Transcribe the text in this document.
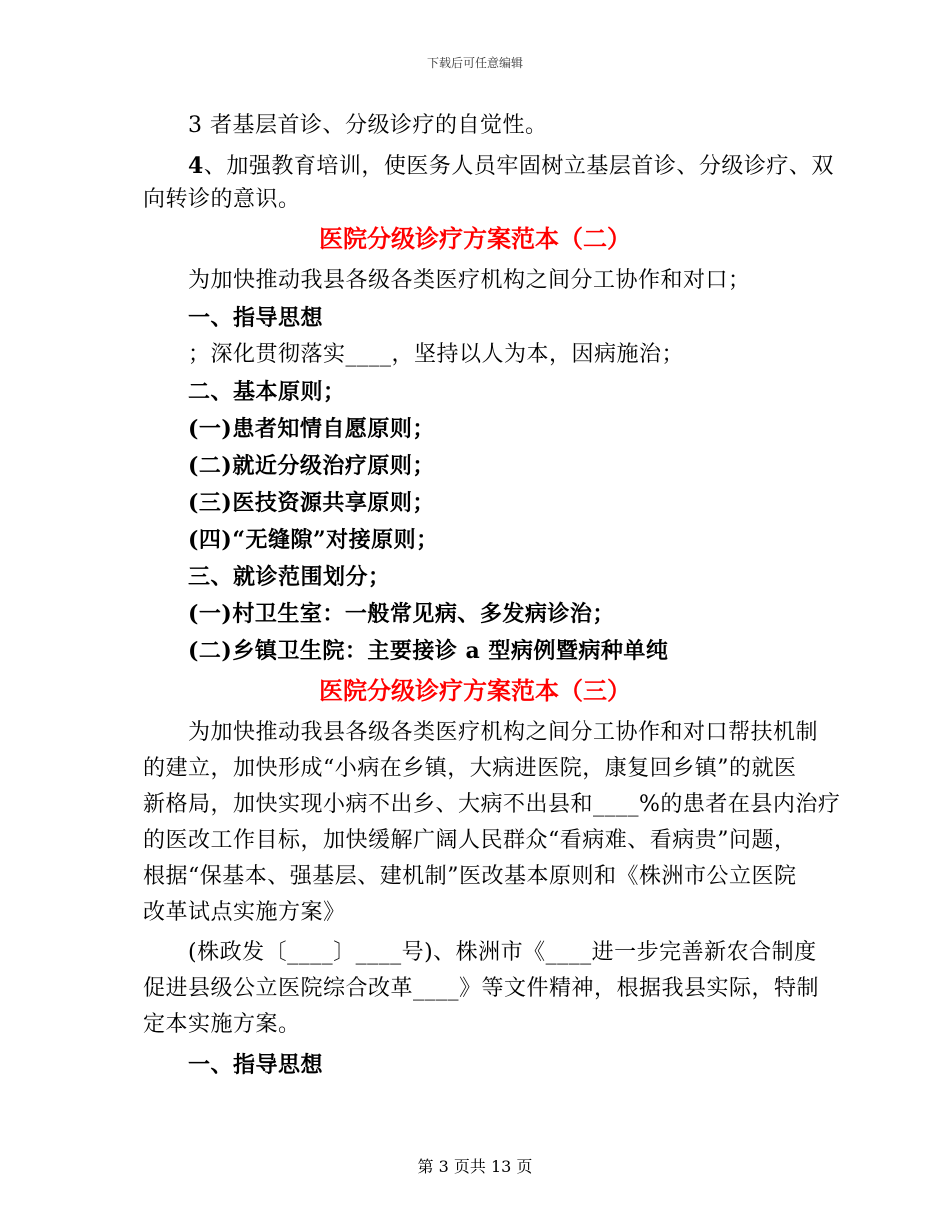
下载后可任意编辑
3 者基层首诊、分级诊疗的自觉性。
4、加强教育培训，使医务人员牢固树立基层首诊、分级诊疗、双
向转诊的意识。
医院分级诊疗方案范本（二）
为加快推动我县各级各类医疗机构之间分工协作和对口；
一、指导思想
；深化贯彻落实____，坚持以人为本，因病施治；
二、基本原则；
(一)患者知情自愿原则；
(二)就近分级治疗原则；
(三)医技资源共享原则；
(四)“无缝隙”对接原则；
三、就诊范围划分；
(一)村卫生室：一般常见病、多发病诊治；
(二)乡镇卫生院：主要接诊 a 型病例暨病种单纯
医院分级诊疗方案范本（三）
为加快推动我县各级各类医疗机构之间分工协作和对口帮扶机制
的建立，加快形成“小病在乡镇，大病进医院，康复回乡镇”的就医
新格局，加快实现小病不出乡、大病不出县和____%的患者在县内治疗
的医改工作目标，加快缓解广阔人民群众“看病难、看病贵”问题，
根据“保基本、强基层、建机制”医改基本原则和《株洲市公立医院
改革试点实施方案》
(株政发〔____〕____号)、株洲市《____进一步完善新农合制度
促进县级公立医院综合改革____》等文件精神，根据我县实际，特制
定本实施方案。
一、指导思想
第 3 页共 13 页
